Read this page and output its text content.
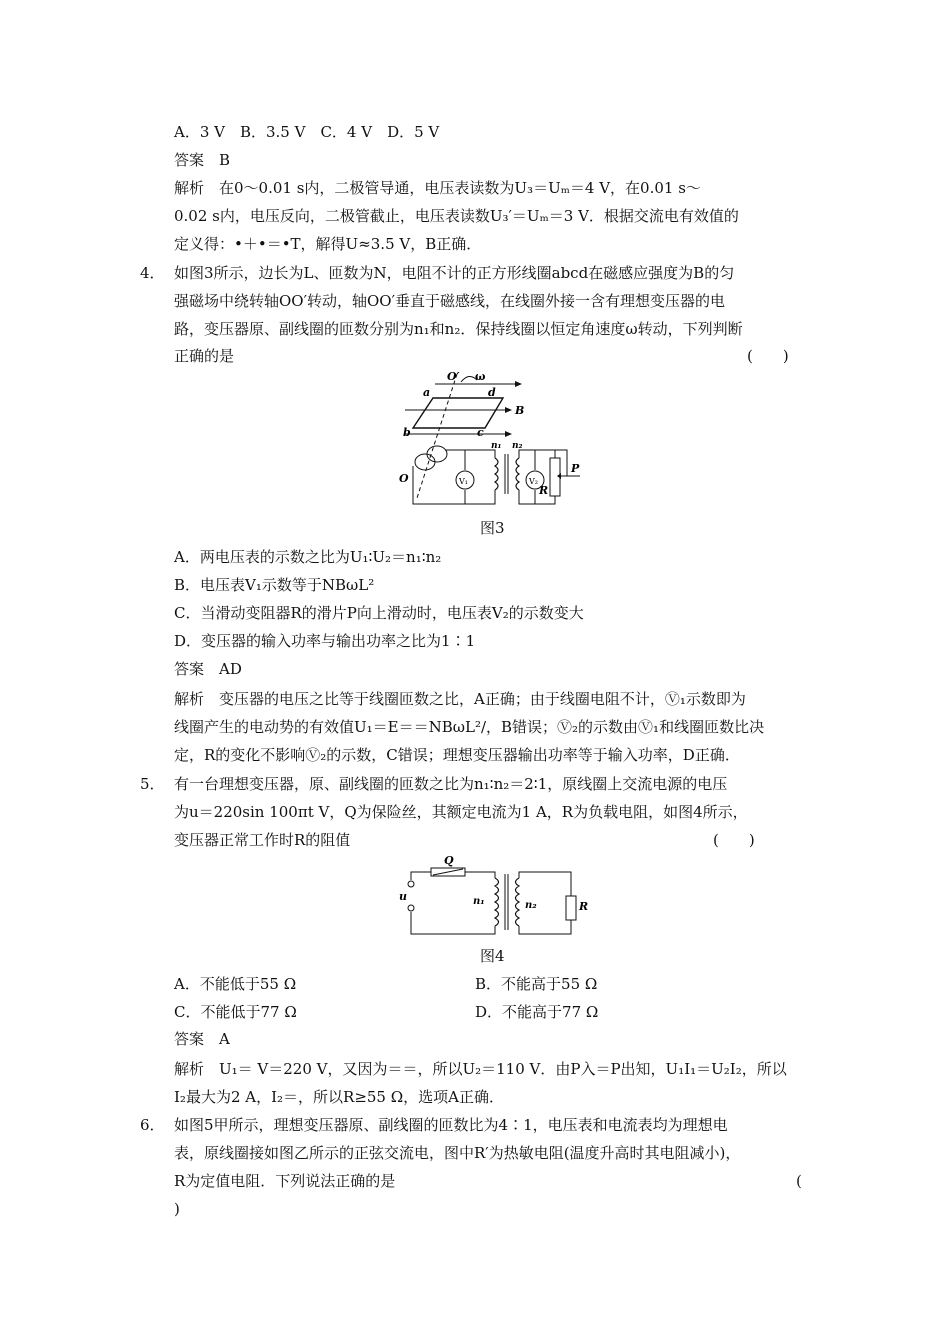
A．3 V　B．3.5 V　C．4 V　D．5 V
答案　B
解析　在0～0.01 s内，二极管导通，电压表读数为U₃＝Uₘ＝4 V，在0.01 s～
0.02 s内，电压反向，二极管截止，电压表读数U₃′＝Uₘ＝3 V．根据交流电有效值的
定义得：•＋•＝•T，解得U≈3.5 V，B正确．
4． 如图3所示，边长为L、匝数为N，电阻不计的正方形线圈abcd在磁感应强度为B的匀
强磁场中绕转轴OO′转动，轴OO′垂直于磁感线，在线圈外接一含有理想变压器的电
路，变压器原、副线圈的匝数分别为n₁和n₂．保持线圈以恒定角速度ω转动，下列判断
正确的是	(　　)
O′ ω
a	d
B
b	c
n₁ n₂
V₁	V₂
R
P
O
图3
A．两电压表的示数之比为U₁∶U₂＝n₁∶n₂
B．电压表V₁示数等于NBωL²
C．当滑动变阻器R的滑片P向上滑动时，电压表V₂的示数变大
D．变压器的输入功率与输出功率之比为1∶1
答案　AD
解析　变压器的电压之比等于线圈匝数之比，A正确；由于线圈电阻不计，Ⓥ₁示数即为
线圈产生的电动势的有效值U₁＝E＝＝NBωL²/，B错误；Ⓥ₂的示数由Ⓥ₁和线圈匝数比决
定，R的变化不影响Ⓥ₂的示数，C错误；理想变压器输出功率等于输入功率，D正确．
5． 有一台理想变压器，原、副线圈的匝数之比为n₁∶n₂＝2∶1，原线圈上交流电源的电压
为u＝220sin 100πt V，Q为保险丝，其额定电流为1 A，R为负载电阻，如图4所示，
变压器正常工作时R的阻值	(　　)
Q
u	n₁	n₂	R
图4
A．不能低于55 Ω	B．不能高于55 Ω
C．不能低于77 Ω	D．不能高于77 Ω
答案　A
解析　U₁＝ V＝220 V，又因为＝＝，所以U₂＝110 V．由P入＝P出知，U₁I₁＝U₂I₂，所以
I₂最大为2 A，I₂＝，所以R≥55 Ω，选项A正确．
6． 如图5甲所示，理想变压器原、副线圈的匝数比为4∶1，电压表和电流表均为理想电
表，原线圈接如图乙所示的正弦交流电，图中R′为热敏电阻(温度升高时其电阻减小)，
R为定值电阻．下列说法正确的是	(
)
